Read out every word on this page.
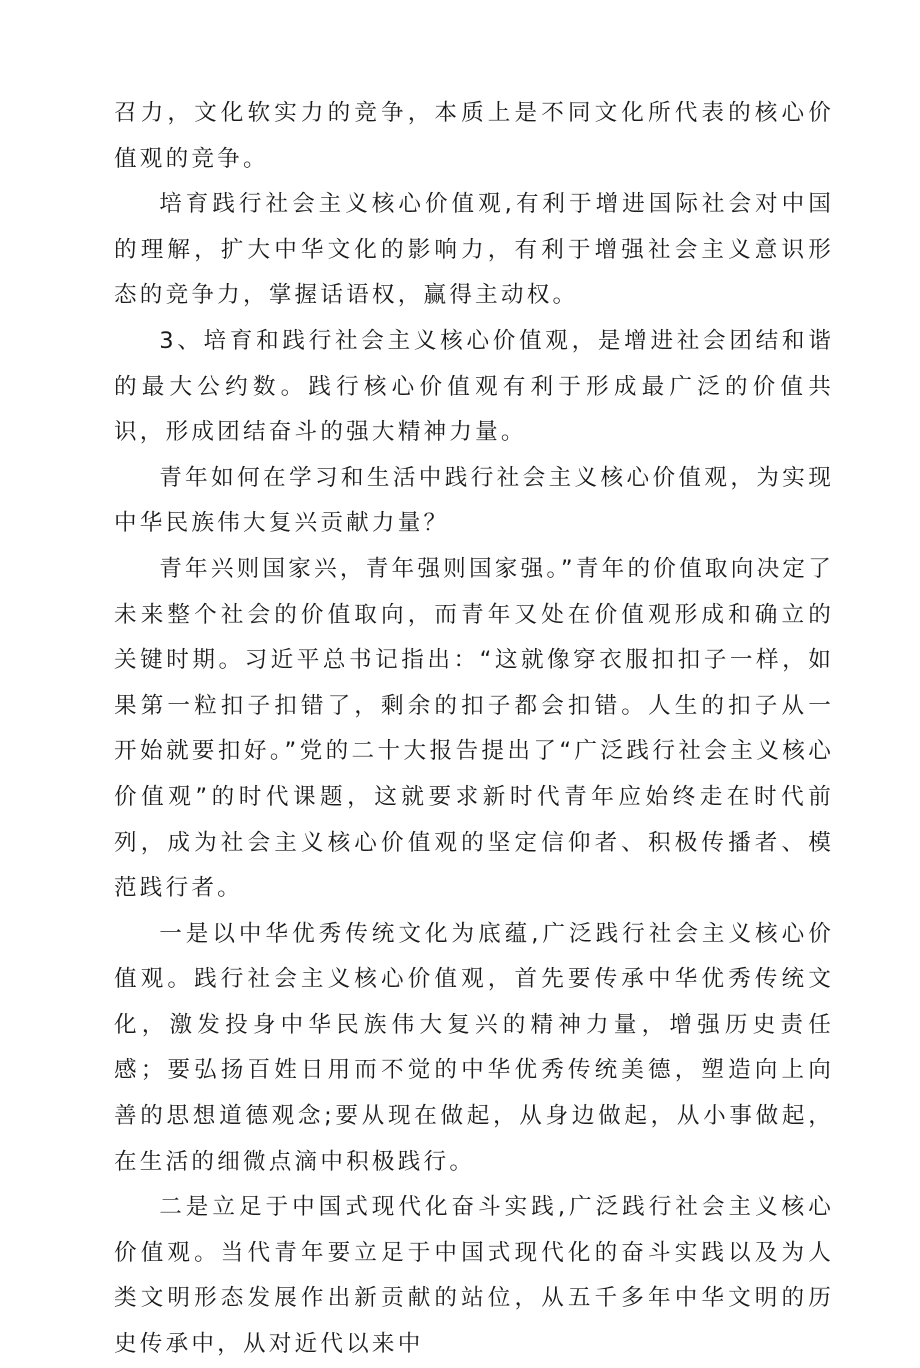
召力，文化软实力的竞争，本质上是不同文化所代表的核心价值观的竞争。

培育践行社会主义核心价值观,有利于增进国际社会对中国的理解，扩大中华文化的影响力，有利于增强社会主义意识形态的竞争力，掌握话语权，赢得主动权。

3、培育和践行社会主义核心价值观，是增进社会团结和谐的最大公约数。践行核心价值观有利于形成最广泛的价值共识，形成团结奋斗的强大精神力量。

青年如何在学习和生活中践行社会主义核心价值观，为实现中华民族伟大复兴贡献力量？

青年兴则国家兴，青年强则国家强。”青年的价值取向决定了未来整个社会的价值取向，而青年又处在价值观形成和确立的关键时期。习近平总书记指出：“这就像穿衣服扣扣子一样，如果第一粒扣子扣错了，剩余的扣子都会扣错。人生的扣子从一开始就要扣好。”党的二十大报告提出了“广泛践行社会主义核心价值观”的时代课题，这就要求新时代青年应始终走在时代前列，成为社会主义核心价值观的坚定信仰者、积极传播者、模范践行者。

一是以中华优秀传统文化为底蕴,广泛践行社会主义核心价值观。践行社会主义核心价值观，首先要传承中华优秀传统文化，激发投身中华民族伟大复兴的精神力量，增强历史责任感；要弘扬百姓日用而不觉的中华优秀传统美德，塑造向上向善的思想道德观念;要从现在做起，从身边做起，从小事做起，在生活的细微点滴中积极践行。

二是立足于中国式现代化奋斗实践,广泛践行社会主义核心价值观。当代青年要立足于中国式现代化的奋斗实践以及为人类文明形态发展作出新贡献的站位，从五千多年中华文明的历史传承中，从对近代以来中
